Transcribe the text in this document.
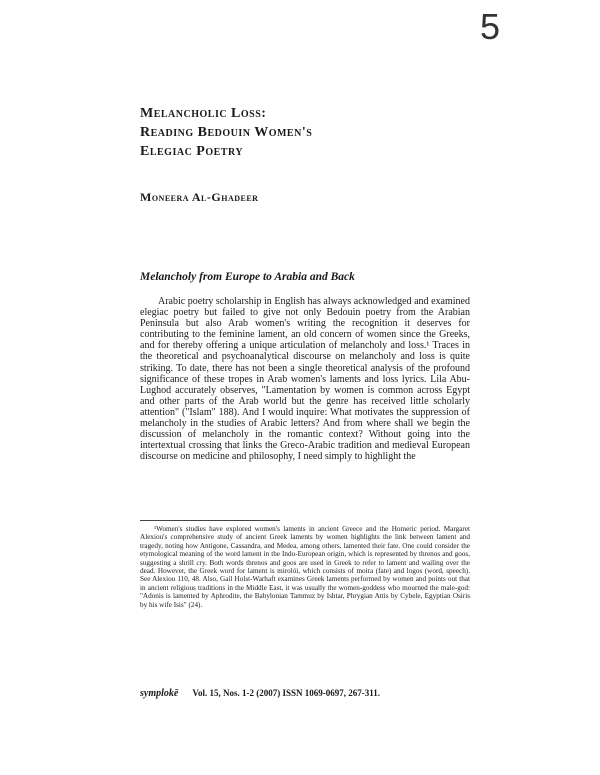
5
Melancholic Loss:
Reading Bedouin Women's
Elegiac Poetry
Moneera Al-Ghadeer
Melancholy from Europe to Arabia and Back

Arabic poetry scholarship in English has always acknowledged and examined elegiac poetry but failed to give not only Bedouin poetry from the Arabian Peninsula but also Arab women's writing the recognition it deserves for contributing to the feminine lament, an old concern of women since the Greeks, and for thereby offering a unique articulation of melancholy and loss.¹ Traces in the theoretical and psychoanalytical discourse on melancholy and loss is quite striking. To date, there has not been a single theoretical analysis of the profound significance of these tropes in Arab women's laments and loss lyrics. Lila Abu-Lughod accurately observes, "Lamentation by women is common across Egypt and other parts of the Arab world but the genre has received little scholarly attention" ("Islam" 188). And I would inquire: What motivates the suppression of melancholy in the studies of Arabic letters? And from where shall we begin the discussion of melancholy in the romantic context? Without going into the intertextual crossing that links the Greco-Arabic tradition and medieval European discourse on medicine and philosophy, I need simply to highlight the

¹Women's studies have explored women's laments in ancient Greece and the Homeric period. Margaret Alexiou's comprehensive study of ancient Greek laments by women highlights the link between lament and tragedy, noting how Antigone, Cassandra, and Medea, among others, lamented their fate. One could consider the etymological meaning of the word lament in the Indo-European origin, which is represented by threnos and goos, suggesting a shrill cry. Both words threnos and goos are used in Greek to refer to lament and wailing over the dead. However, the Greek word for lament is mirolói, which consists of moira (fate) and logos (word, speech). See Alexiou 110, 48. Also, Gail Holst-Warhaft examines Greek laments performed by women and points out that in ancient religious traditions in the Middle East, it was usually the women-goddess who mourned the male-god: "Adonis is lamented by Aphrodite, the Babylonian Tammuz by Ishtar, Phrygian Attis by Cybele, Egyptian Osiris by his wife Isis" (24).

symplokē Vol. 15, Nos. 1-2 (2007) ISSN 1069-0697, 267-311.
